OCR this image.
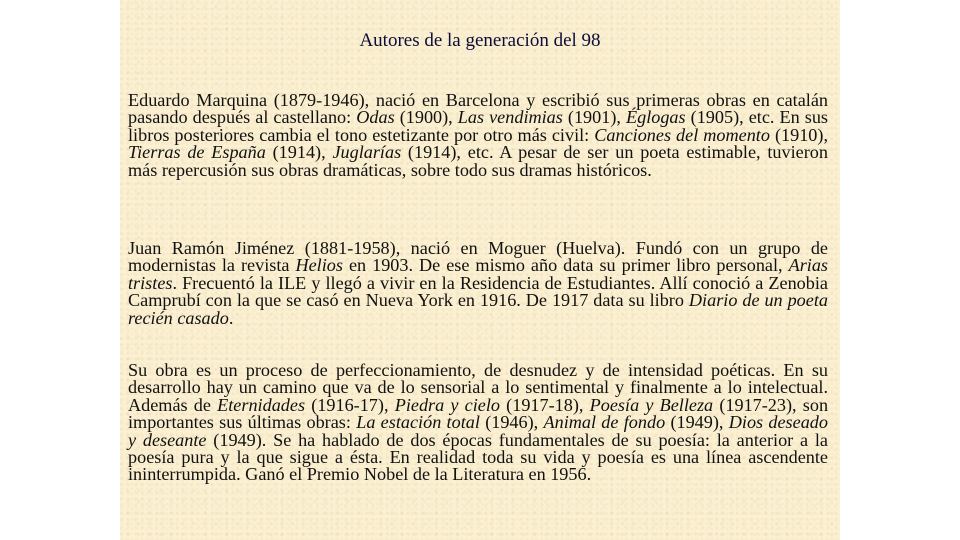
Autores de la generación del 98

Eduardo Marquina (1879-1946), nació en Barcelona y escribió sus primeras obras en catalán pasando después al castellano: Odas (1900), Las vendimias (1901), Églogas (1905), etc. En sus libros posteriores cambia el tono estetizante por otro más civil: Canciones del momento (1910), Tierras de España (1914), Juglarías (1914), etc. A pesar de ser un poeta estimable, tuvieron más repercusión sus obras dramáticas, sobre todo sus dramas históricos.

Juan Ramón Jiménez (1881-1958), nació en Moguer (Huelva). Fundó con un grupo de modernistas la revista Helios en 1903. De ese mismo año data su primer libro personal, Arias tristes. Frecuentó la ILE y llegó a vivir en la Residencia de Estudiantes. Allí conoció a Zenobia Camprubí con la que se casó en Nueva York en 1916. De 1917 data su libro Diario de un poeta recién casado.

Su obra es un proceso de perfeccionamiento, de desnudez y de intensidad poéticas. En su desarrollo hay un camino que va de lo sensorial a lo sentimental y finalmente a lo intelectual. Además de Eternidades (1916-17), Piedra y cielo (1917-18), Poesía y Belleza (1917-23), son importantes sus últimas obras: La estación total (1946), Animal de fondo (1949), Dios deseado y deseante (1949). Se ha hablado de dos épocas fundamentales de su poesía: la anterior a la poesía pura y la que sigue a ésta. En realidad toda su vida y poesía es una línea ascendente ininterrumpida. Ganó el Premio Nobel de la Literatura en 1956.
